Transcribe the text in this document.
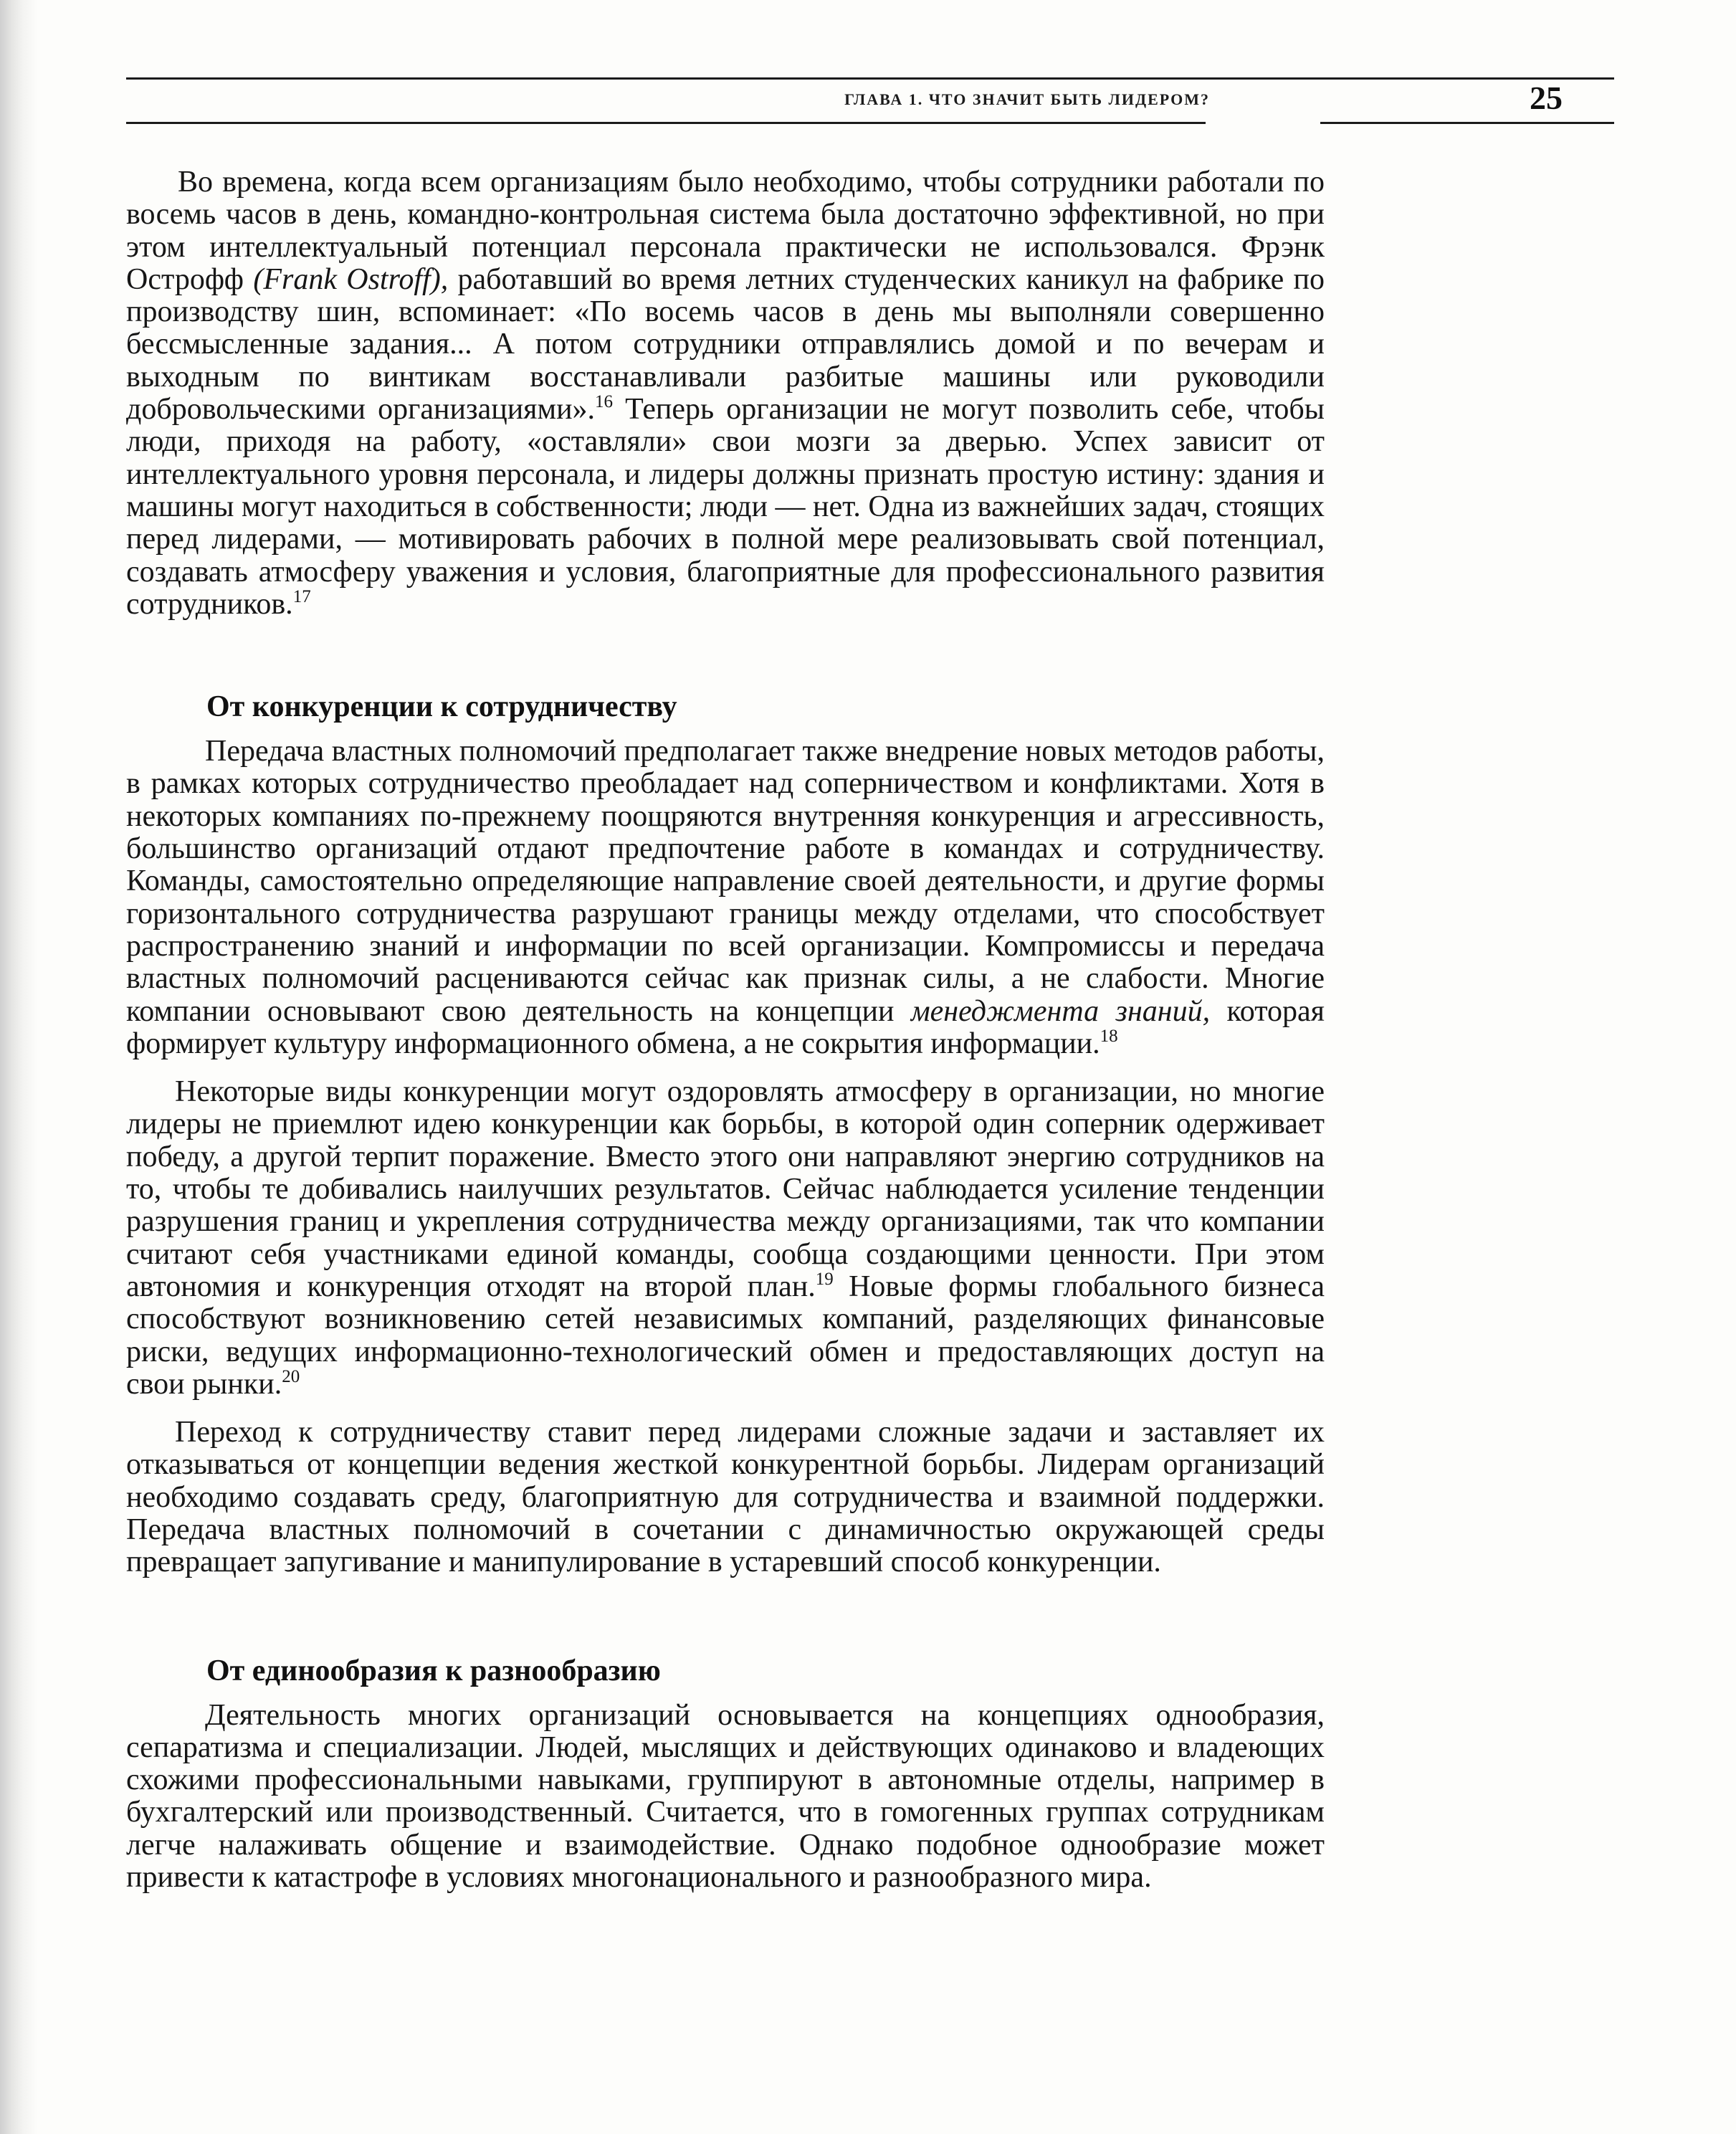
ГЛАВА 1. ЧТО ЗНАЧИТ БЫТЬ ЛИДЕРОМ?	25

Во времена, когда всем организациям было необходимо, чтобы сотрудники работали по восемь часов в день, командно-контрольная система была достаточно эффективной, но при этом интеллектуальный потенциал персонала практически не использовался. Фрэнк Острофф (Frank Ostroff), работавший во время летних студенческих каникул на фабрике по производству шин, вспоминает: «По восемь часов в день мы выполняли совершенно бессмысленные задания... А потом сотрудники отправлялись домой и по вечерам и выходным по винтикам восстанавливали разбитые машины или руководили добровольческими организациями».$^{16}$ Теперь организации не могут позволить себе, чтобы люди, приходя на работу, «оставляли» свои мозги за дверью. Успех зависит от интеллектуального уровня персонала, и лидеры должны признать простую истину: здания и машины могут находиться в собственности; люди — нет. Одна из важнейших задач, стоящих перед лидерами, — мотивировать рабочих в полной мере реализовывать свой потенциал, создавать атмосферу уважения и условия, благоприятные для профессионального развития сотрудников.$^{17}$

От конкуренции к сотрудничеству

Передача властных полномочий предполагает также внедрение новых методов работы, в рамках которых сотрудничество преобладает над соперничеством и конфликтами. Хотя в некоторых компаниях по-прежнему поощряются внутренняя конкуренция и агрессивность, большинство организаций отдают предпочтение работе в командах и сотрудничеству. Команды, самостоятельно определяющие направление своей деятельности, и другие формы горизонтального сотрудничества разрушают границы между отделами, что способствует распространению знаний и информации по всей организации. Компромиссы и передача властных полномочий расцениваются сейчас как признак силы, а не слабости. Многие компании основывают свою деятельность на концепции менеджмента знаний, которая формирует культуру информационного обмена, а не сокрытия информации.$^{18}$

Некоторые виды конкуренции могут оздоровлять атмосферу в организации, но многие лидеры не приемлют идею конкуренции как борьбы, в которой один соперник одерживает победу, а другой терпит поражение. Вместо этого они направляют энергию сотрудников на то, чтобы те добивались наилучших результатов. Сейчас наблюдается усиление тенденции разрушения границ и укрепления сотрудничества между организациями, так что компании считают себя участниками единой команды, сообща создающими ценности. При этом автономия и конкуренция отходят на второй план.$^{19}$ Новые формы глобального бизнеса способствуют возникновению сетей независимых компаний, разделяющих финансовые риски, ведущих информационно-технологический обмен и предоставляющих доступ на свои рынки.$^{20}$

Переход к сотрудничеству ставит перед лидерами сложные задачи и заставляет их отказываться от концепции ведения жесткой конкурентной борьбы. Лидерам организаций необходимо создавать среду, благоприятную для сотрудничества и взаимной поддержки. Передача властных полномочий в сочетании с динамичностью окружающей среды превращает запугивание и манипулирование в устаревший способ конкуренции.

От единообразия к разнообразию

Деятельность многих организаций основывается на концепциях однообразия, сепаратизма и специализации. Людей, мыслящих и действующих одинаково и владеющих схожими профессиональными навыками, группируют в автономные отделы, например в бухгалтерский или производственный. Считается, что в гомогенных группах сотрудникам легче налаживать общение и взаимодействие. Однако подобное однообразие может привести к катастрофе в условиях многонационального и разнообразного мира.
